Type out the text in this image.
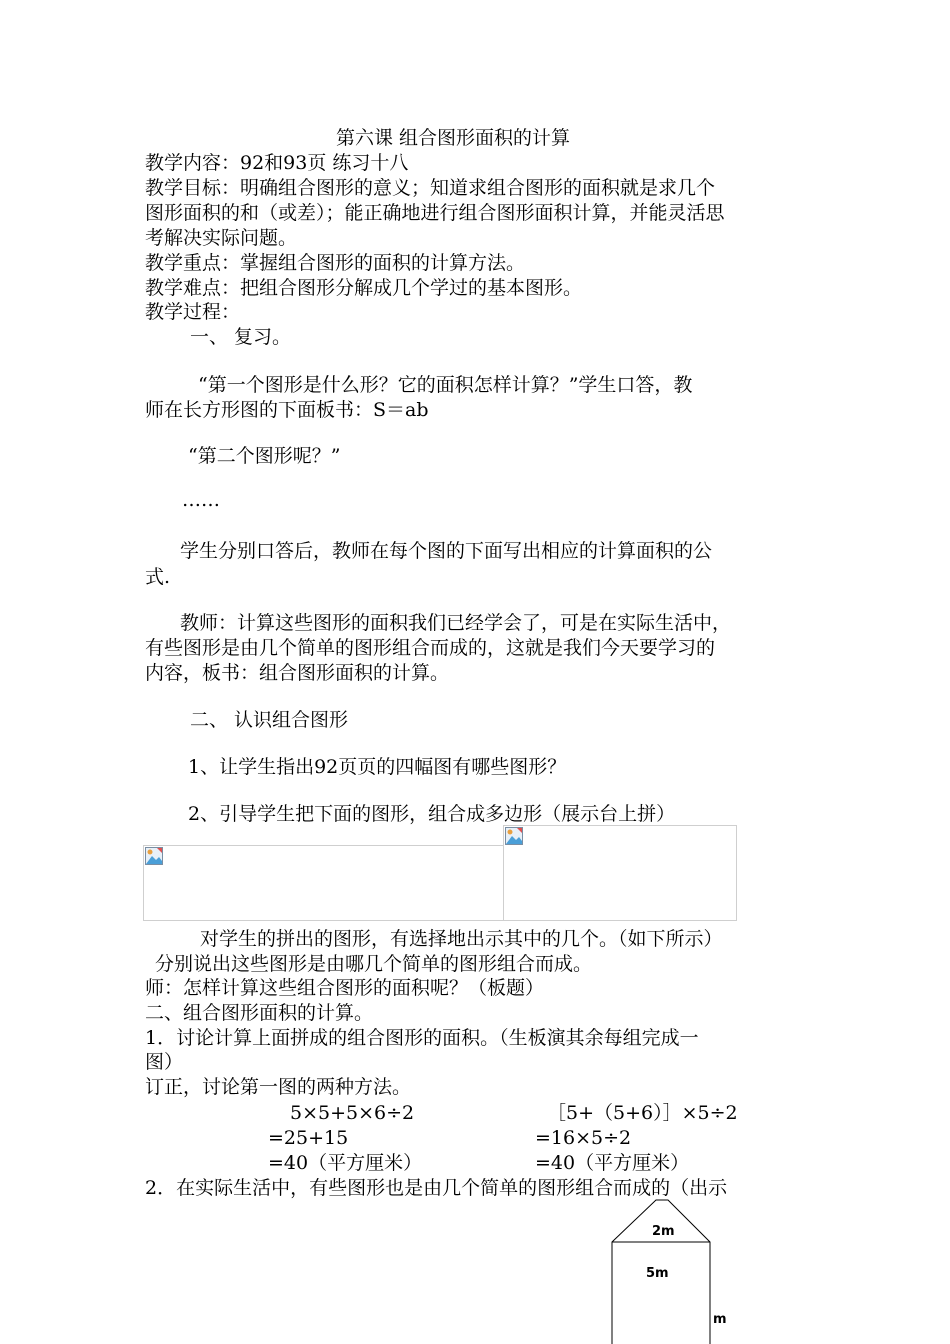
第六课 组合图形面积的计算
教学内容：92和93页 练习十八
教学目标：明确组合图形的意义；知道求组合图形的面积就是求几个
图形面积的和（或差）；能正确地进行组合图形面积计算，并能灵活思
考解决实际问题。
教学重点：掌握组合图形的面积的计算方法。
教学难点：把组合图形分解成几个学过的基本图形。
教学过程：
一、 复习。
“第一个图形是什么形？它的面积怎样计算？”学生口答，教
师在长方形图的下面板书：S＝ab
“第二个图形呢？”
……
学生分别口答后，教师在每个图的下面写出相应的计算面积的公
式.
教师：计算这些图形的面积我们已经学会了，可是在实际生活中，
有些图形是由几个简单的图形组合而成的，这就是我们今天要学习的
内容，板书：组合图形面积的计算。
二、 认识组合图形
1、让学生指出92页页的四幅图有哪些图形？
2、引导学生把下面的图形，组合成多边形（展示台上拼）
对学生的拼出的图形，有选择地出示其中的几个。（如下所示）
分别说出这些图形是由哪几个简单的图形组合而成。
师：怎样计算这些组合图形的面积呢？（板题）
二、组合图形面积的计算。
1．讨论计算上面拼成的组合图形的面积。（生板演其余每组完成一
图）
订正，讨论第一图的两种方法。
5×5+5×6÷2
=25+15
=40（平方厘米）
［5+（5+6）］×5÷2
=16×5÷2
=40（平方厘米）
2．在实际生活中，有些图形也是由几个简单的图形组合而成的（出示
2m
5m
m
